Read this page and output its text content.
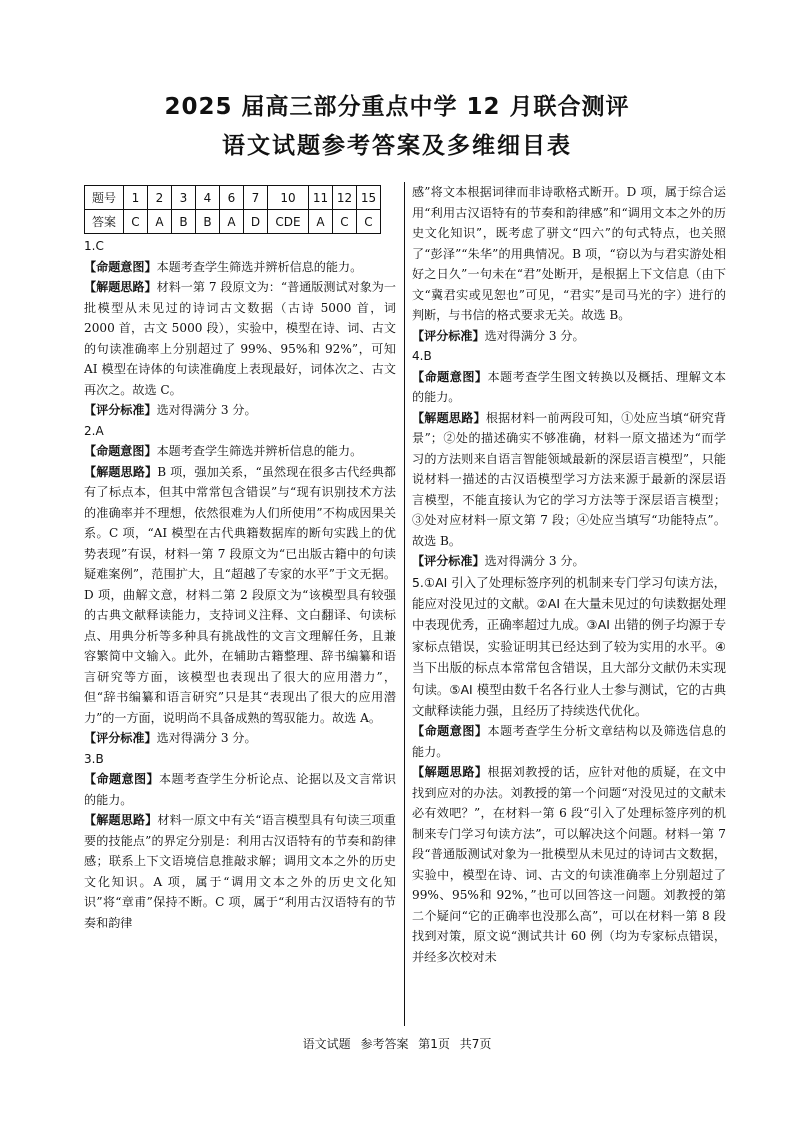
2025 届高三部分重点中学 12 月联合测评
语文试题参考答案及多维细目表
题号	1	2	3	4	6	7	10	11	12	15
答案	C	A	B	B	A	D	CDE	A	C	C

1.C

【命题意图】本题考查学生筛选并辨析信息的能力。

【解题思路】材料一第 7 段原文为：“普通版测试对象为一批模型从未见过的诗词古文数据（古诗 5000 首，词 2000 首，古文 5000 段），实验中，模型在诗、词、古文的句读准确率上分别超过了 99%、95%和 92%”，可知 AI 模型在诗体的句读准确度上表现最好，词体次之、古文再次之。故选 C。

【评分标准】选对得满分 3 分。

2.A

【命题意图】本题考查学生筛选并辨析信息的能力。

【解题思路】B 项，强加关系，“虽然现在很多古代经典都有了标点本，但其中常常包含错误”与“现有识别技术方法的准确率并不理想，依然很难为人们所使用”不构成因果关系。C 项，“AI 模型在古代典籍数据库的断句实践上的优势表现”有误，材料一第 7 段原文为“已出版古籍中的句读疑难案例”，范围扩大，且“超越了专家的水平”于文无据。D 项，曲解文意，材料二第 2 段原文为“该模型具有较强的古典文献释读能力，支持词义注释、文白翻译、句读标点、用典分析等多种具有挑战性的文言文理解任务，且兼容繁简中文输入。此外，在辅助古籍整理、辞书编纂和语言研究等方面，该模型也表现出了很大的应用潜力”，但“辞书编纂和语言研究”只是其“表现出了很大的应用潜力”的一方面，说明尚不具备成熟的驾驭能力。故选 A。

【评分标准】选对得满分 3 分。

3.B

【命题意图】本题考查学生分析论点、论据以及文言常识的能力。

【解题思路】材料一原文中有关“语言模型具有句读三项重要的技能点”的界定分别是：利用古汉语特有的节奏和韵律感；联系上下文语境信息推敲求解；调用文本之外的历史文化知识。A 项，属于“调用文本之外的历史文化知识”将“章甫”保持不断。C 项，属于“利用古汉语特有的节奏和韵律

感”将文本根据词律而非诗歌格式断开。D 项，属于综合运用“利用古汉语特有的节奏和韵律感”和“调用文本之外的历史文化知识”，既考虑了骈文“四六”的句式特点，也关照了“彭泽”“朱华”的用典情况。B 项，“窃以为与君实游处相好之日久”一句未在“君”处断开，是根据上下文信息（由下文“冀君实或见恕也”可见，“君实”是司马光的字）进行的判断，与书信的格式要求无关。故选 B。

【评分标准】选对得满分 3 分。

4.B

【命题意图】本题考查学生图文转换以及概括、理解文本的能力。

【解题思路】根据材料一前两段可知，①处应当填“研究背景”；②处的描述确实不够准确，材料一原文描述为“而学习的方法则来自语言智能领域最新的深层语言模型”，只能说材料一描述的古汉语模型学习方法来源于最新的深层语言模型，不能直接认为它的学习方法等于深层语言模型；③处对应材料一原文第 7 段；④处应当填写“功能特点”。故选 B。

【评分标准】选对得满分 3 分。

5.①AI 引入了处理标签序列的机制来专门学习句读方法，能应对没见过的文献。②AI 在大量未见过的句读数据处理中表现优秀，正确率超过九成。③AI 出错的例子均源于专家标点错误，实验证明其已经达到了较为实用的水平。④当下出版的标点本常常包含错误，且大部分文献仍未实现句读。⑤AI 模型由数千名各行业人士参与测试，它的古典文献释读能力强，且经历了持续迭代优化。

【命题意图】本题考查学生分析文章结构以及筛选信息的能力。

【解题思路】根据刘教授的话，应针对他的质疑，在文中找到应对的办法。刘教授的第一个问题“对没见过的文献未必有效吧？”，在材料一第 6 段“引入了处理标签序列的机制来专门学习句读方法”，可以解决这个问题。材料一第 7 段“普通版测试对象为一批模型从未见过的诗词古文数据，实验中，模型在诗、词、古文的句读准确率上分别超过了 99%、95%和 92%，”也可以回答这一问题。刘教授的第二个疑问“它的正确率也没那么高”，可以在材料一第 8 段找到对策，原文说“测试共计 60 例（均为专家标点错误，并经多次校对未

语文试题 参考答案 第1页 共7页
